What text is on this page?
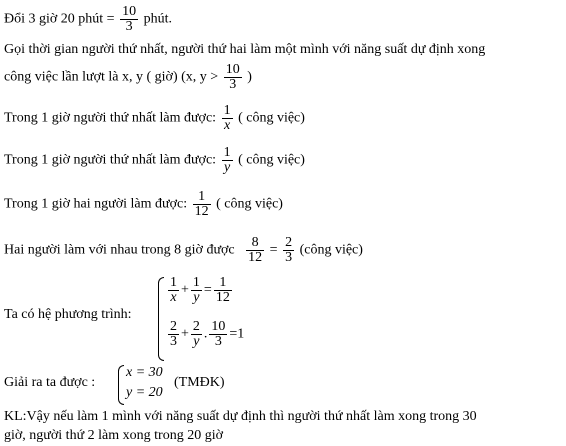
Đổi 3 giờ 20 phút = $\frac{10}{3}$ phút.
Gọi thời gian người thứ nhất, người thứ hai làm một mình với năng suất dự định xong
công việc lần lượt là x, y ( giờ) (x, $y > \frac{10}{3}$ )
Trong 1 giờ người thứ nhất làm được: $\frac{1}{x}$ ( công việc)
Trong 1 giờ người thứ nhất làm được: $\frac{1}{y}$ ( công việc)
Trong 1 giờ hai người làm được: $\frac{1}{12}$ ( công việc)
Hai người làm với nhau trong 8 giờ được $\frac{8}{12} = \frac{2}{3}$ (công việc)
Ta có hệ phương trình:
$\frac{1}{x} + \frac{1}{y} = \frac{1}{12}$
$\frac{2}{3} + \frac{2}{y}$ . $\frac{10}{3} =1$
Giải ra ta được :
x = 30
y = 20
(TMĐK)
KL:Vậy nếu làm 1 mình với năng suất dự định thì người thứ nhất làm xong trong 30
giờ, người thứ 2 làm xong trong 20 giờ
